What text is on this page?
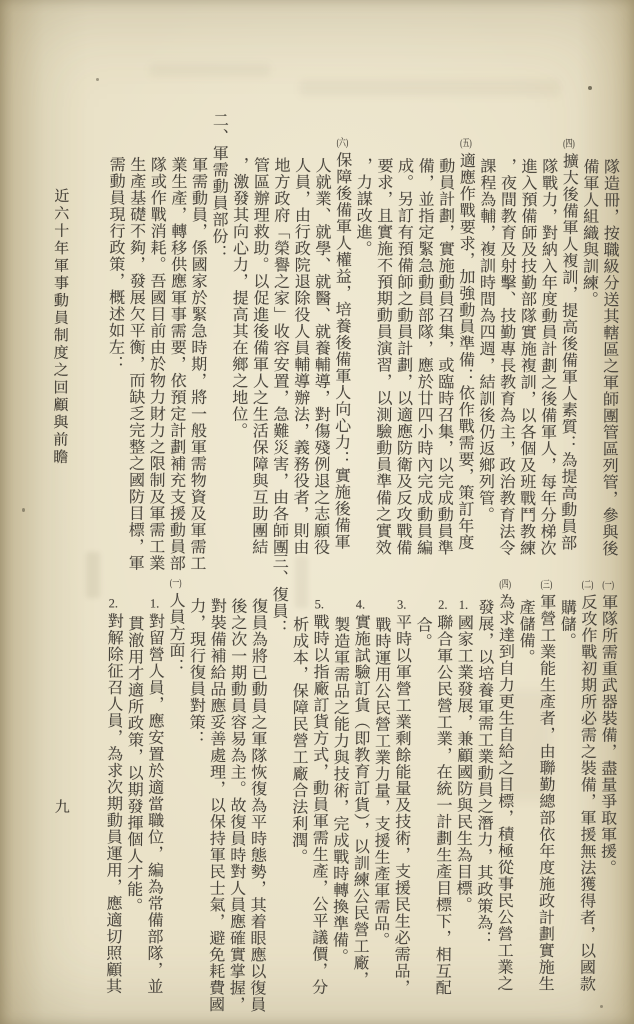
近六十年軍事動員制度之回顧與前瞻	隊造冊，按職級分送其轄區之軍師團管區列管，參與後

備軍人組織與訓練。

(四)擴大後備軍人複訓，提高後備軍人素質：為提高動員部

隊戰力，對納入年度動員計劃之後備軍人，每年分梯次

進入預備師及技勤部隊實施複訓，以各個及班戰鬥教練

，夜間教育及射擊、技勤專長教育為主，政治教育法令

課程為輔，複訓時間為四週，結訓後仍返鄉列管。

(五)適應作戰要求，加強動員準備：依作戰需要，策訂年度

動員計劃，實施動員召集，或臨時召集，以完成動員準

備，並指定緊急動員部隊，應於廿四小時內完成動員編

成。另訂有預備師之動員計劃，以適應防衛及反攻戰備

要求，且實施不預期動員演習，以測驗動員準備之實效

，力謀改進。

(六)保障後備軍人權益，培養後備軍人向心力：實施後備軍

人就業、就學、就醫、就養輔導，對傷殘例退之志願役

人員，由行政院退除役人員輔導辦法，義務役者，則由

地方政府「榮譽之家」收容安置，急難災害，由各師團

管區辦理救助。以促進後備軍人之生活保障與互助團結

，激發其向心力，提高其在鄉之地位。

二、軍需動員部份：

軍需動員，係國家於緊急時期，將一般軍需物資及軍需工

業生產，轉移供應軍事需要，依預定計劃補充支援動員部

隊或作戰消耗。吾國目前由於物力財力之限制及軍需工業

生產基礎不夠，發展欠平衡，而缺乏完整之國防目標，軍

需動員現行政策，概述如左：

(一)軍隊所需重武器裝備，盡量爭取軍援。

(二)反攻作戰初期所必需之裝備，軍援無法獲得者，以國款

購儲。

(三)軍營工業能生產者，由聯勤總部依年度施政計劃實施生

產儲備。

(四)為求達到自力更生自給之目標，積極從事民公營工業之

發展，以培養軍需工業動員之潛力，其政策為：

1.國家工業發展，兼顧國防與民生為目標。

2.聯合軍公民營工業，在統一計劃生產目標下，相互配

合。

3.平時以軍營工業剩餘能量及技術，支援民生必需品，

戰時運用公民營工業力量，支援生產軍需品。

4.實施試驗訂貨（即教育訂貨），以訓練公民營工廠，

製造軍需品之能力與技術，完成戰時轉換準備。

5.戰時以指廠訂貨方式，動員軍需生產，公平議價，分

析成本，保障民營工廠合法利潤。

三、復員：

復員為將已動員之軍隊恢復為平時態勢，其着眼應以復員

後之次一期動員容易為主。故復員時對人員應確實掌握，

對裝備補給品應妥善處理，以保持軍民士氣，避免耗費國

力，現行復員對策：

(一)人員方面：

1.對留營人員，應安置於適當職位，編為常備部隊，並

貫澈用才適所政策，以期發揮個人才能。

2.對解除征召人員，為求次期動員運用，應適切照顧其

九
